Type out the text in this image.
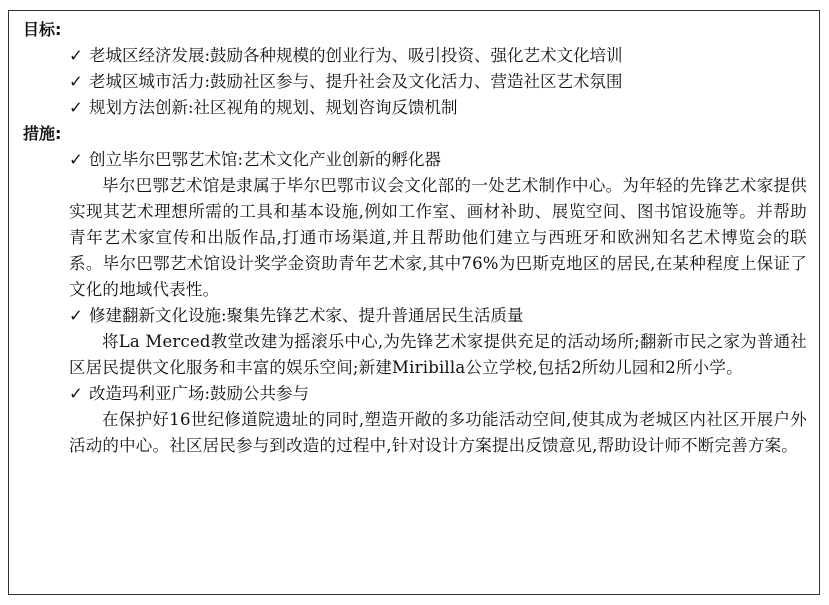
目标:
✓ 老城区经济发展:鼓励各种规模的创业行为、吸引投资、强化艺术文化培训
✓ 老城区城市活力:鼓励社区参与、提升社会及文化活力、营造社区艺术氛围
✓ 规划方法创新:社区视角的规划、规划咨询反馈机制
措施:
✓ 创立毕尔巴鄂艺术馆:艺术文化产业创新的孵化器
毕尔巴鄂艺术馆是隶属于毕尔巴鄂市议会文化部的一处艺术制作中心。为年轻的先锋艺术家提供实现其艺术理想所需的工具和基本设施,例如工作室、画材补助、展览空间、图书馆设施等。并帮助青年艺术家宣传和出版作品,打通市场渠道,并且帮助他们建立与西班牙和欧洲知名艺术博览会的联系。毕尔巴鄂艺术馆设计奖学金资助青年艺术家,其中76%为巴斯克地区的居民,在某种程度上保证了文化的地域代表性。
✓ 修建翻新文化设施:聚集先锋艺术家、提升普通居民生活质量
将La Merced教堂改建为摇滚乐中心,为先锋艺术家提供充足的活动场所;翻新市民之家为普通社区居民提供文化服务和丰富的娱乐空间;新建Miribilla公立学校,包括2所幼儿园和2所小学。
✓ 改造玛利亚广场:鼓励公共参与
在保护好16世纪修道院遗址的同时,塑造开敞的多功能活动空间,使其成为老城区内社区开展户外活动的中心。社区居民参与到改造的过程中,针对设计方案提出反馈意见,帮助设计师不断完善方案。
